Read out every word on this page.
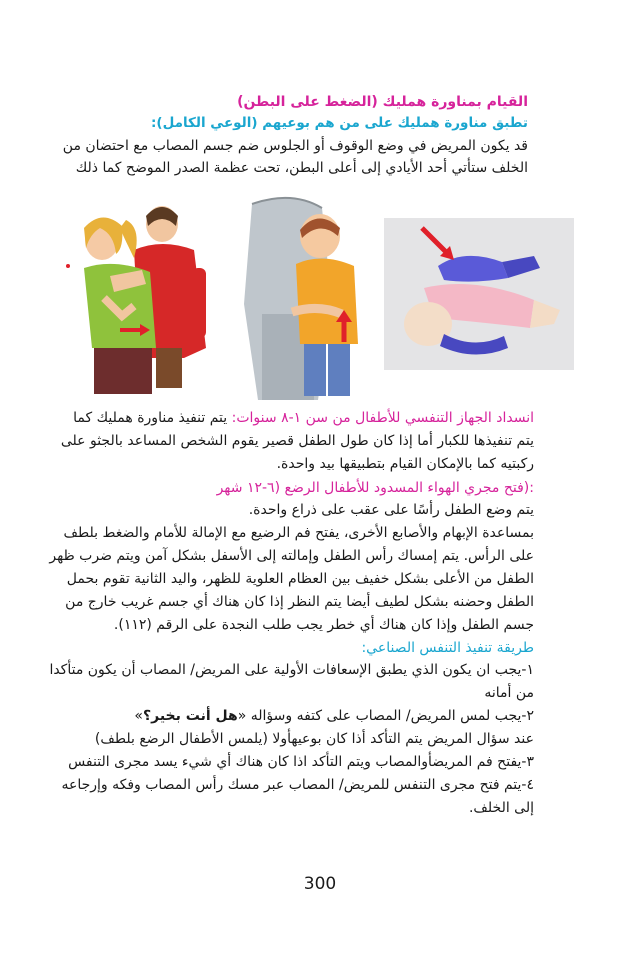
القيام بمناورة همليك (الضغط على البطن)
تطبق مناورة همليك على من هم بوعيهم (الوعي الكامل):
قد يكون المريض في وضع الوقوف أو الجلوس ضم جسم المصاب مع احتضان من
الخلف ستأتي أحد الأيادي إلى أعلى البطن، تحت عظمة الصدر الموضح كما ذلك
انسداد الجهاز التنفسي للأطفال من سن ١-٨ سنوات: يتم تنفيذ مناورة همليك كما
يتم تنفيذها للكبار أما إذا كان طول الطفل قصير يقوم الشخص المساعد بالجثو على
ركبتيه كما بالإمكان القيام بتطبيقها بيد واحدة.
:(فتح مجري الهواء المسدود للأطفال الرضع (٦-١٢ شهر
يتم وضع الطفل رأسًا على عقب على ذراع واحدة.
بمساعدة الإبهام والأصابع الأخرى، يفتح فم الرضيع مع الإمالة للأمام والضغط بلطف
على الرأس. يتم إمساك رأس الطفل وإمالته إلى الأسفل بشكل آمن ويتم ضرب ظهر
الطفل من الأعلى بشكل خفيف بين العظام العلوية للظهر، واليد الثانية تقوم بحمل
الطفل وحضنه بشكل لطيف أيضا يتم النظر إذا كان هناك أي جسم غريب خارج من
جسم الطفل وإذا كان هناك أي خطر يجب طلب النجدة على الرقم (١١٢).
طريقة تنفيذ التنفس الصناعي:
١-يجب ان يكون الذي يطبق الإسعافات الأولية على المريض/ المصاب أن يكون متأكدا
من أمانه
٢-يجب لمس المريض/ المصاب على كتفه وسؤاله «هل أنت بخير؟»
عند سؤال المريض يتم التأكد أذا كان بوعيهأولا (يلمس الأطفال الرضع بلطف)
٣-يفتح فم المريضأوالمصاب ويتم التأكد اذا كان هناك أي شيء يسد مجرى التنفس
٤-يتم فتح مجرى التنفس للمريض/ المصاب عبر مسك رأس المصاب وفكه وإرجاعه
إلى الخلف.
300
